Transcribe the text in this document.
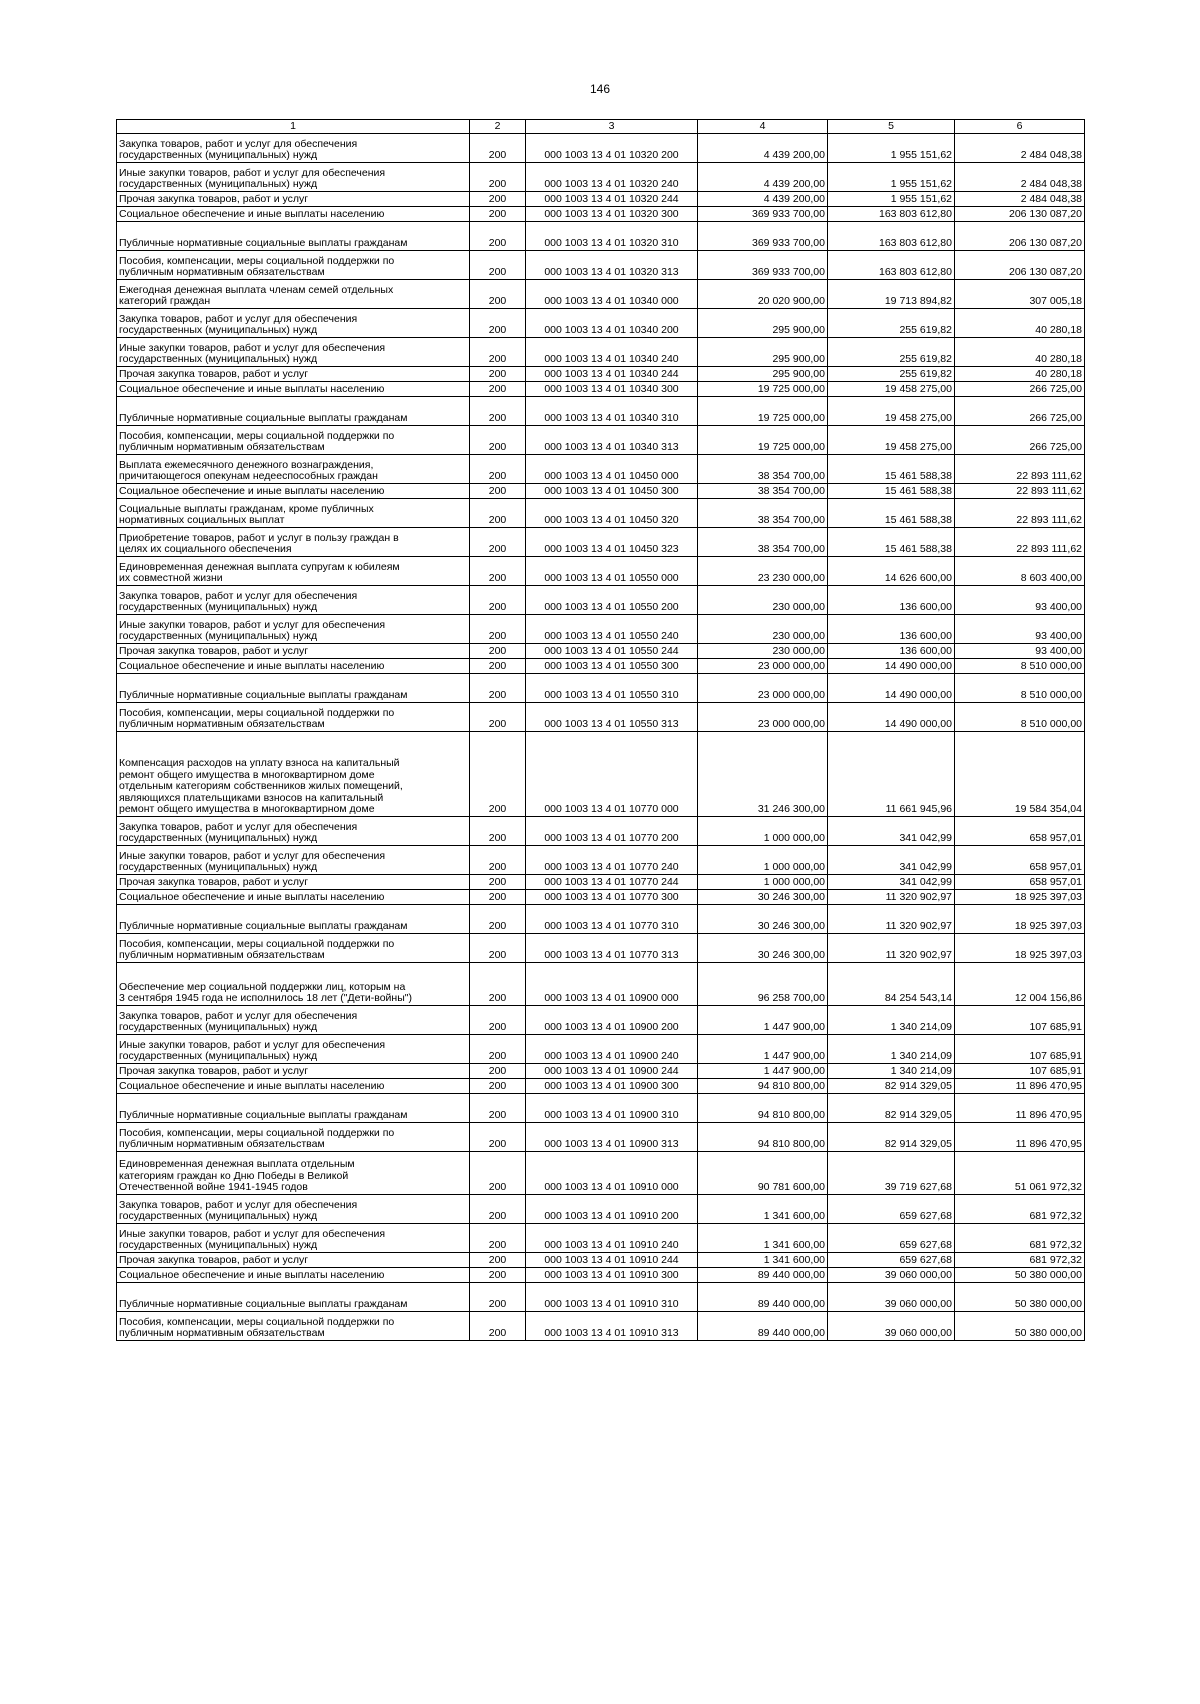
146
1	2	3	4	5	6
Закупка товаров, работ и услуг для обеспечения
государственных (муниципальных) нужд	200	000 1003 13 4 01 10320 200	4 439 200,00	1 955 151,62	2 484 048,38
Иные закупки товаров, работ и услуг для обеспечения
государственных (муниципальных) нужд	200	000 1003 13 4 01 10320 240	4 439 200,00	1 955 151,62	2 484 048,38
Прочая закупка товаров, работ и услуг	200	000 1003 13 4 01 10320 244	4 439 200,00	1 955 151,62	2 484 048,38
Социальное обеспечение и иные выплаты населению	200	000 1003 13 4 01 10320 300	369 933 700,00	163 803 612,80	206 130 087,20
Публичные нормативные социальные выплаты гражданам	200	000 1003 13 4 01 10320 310	369 933 700,00	163 803 612,80	206 130 087,20
Пособия, компенсации, меры социальной поддержки по
публичным нормативным обязательствам	200	000 1003 13 4 01 10320 313	369 933 700,00	163 803 612,80	206 130 087,20
Ежегодная денежная выплата членам семей отдельных
категорий граждан	200	000 1003 13 4 01 10340 000	20 020 900,00	19 713 894,82	307 005,18
Закупка товаров, работ и услуг для обеспечения
государственных (муниципальных) нужд	200	000 1003 13 4 01 10340 200	295 900,00	255 619,82	40 280,18
Иные закупки товаров, работ и услуг для обеспечения
государственных (муниципальных) нужд	200	000 1003 13 4 01 10340 240	295 900,00	255 619,82	40 280,18
Прочая закупка товаров, работ и услуг	200	000 1003 13 4 01 10340 244	295 900,00	255 619,82	40 280,18
Социальное обеспечение и иные выплаты населению	200	000 1003 13 4 01 10340 300	19 725 000,00	19 458 275,00	266 725,00
Публичные нормативные социальные выплаты гражданам	200	000 1003 13 4 01 10340 310	19 725 000,00	19 458 275,00	266 725,00
Пособия, компенсации, меры социальной поддержки по
публичным нормативным обязательствам	200	000 1003 13 4 01 10340 313	19 725 000,00	19 458 275,00	266 725,00
Выплата ежемесячного денежного вознаграждения,
причитающегося опекунам недееспособных граждан	200	000 1003 13 4 01 10450 000	38 354 700,00	15 461 588,38	22 893 111,62
Социальное обеспечение и иные выплаты населению	200	000 1003 13 4 01 10450 300	38 354 700,00	15 461 588,38	22 893 111,62
Социальные выплаты гражданам, кроме публичных
нормативных социальных выплат	200	000 1003 13 4 01 10450 320	38 354 700,00	15 461 588,38	22 893 111,62
Приобретение товаров, работ и услуг в пользу граждан в
целях их социального обеспечения	200	000 1003 13 4 01 10450 323	38 354 700,00	15 461 588,38	22 893 111,62
Единовременная денежная выплата супругам к юбилеям
их совместной жизни	200	000 1003 13 4 01 10550 000	23 230 000,00	14 626 600,00	8 603 400,00
Закупка товаров, работ и услуг для обеспечения
государственных (муниципальных) нужд	200	000 1003 13 4 01 10550 200	230 000,00	136 600,00	93 400,00
Иные закупки товаров, работ и услуг для обеспечения
государственных (муниципальных) нужд	200	000 1003 13 4 01 10550 240	230 000,00	136 600,00	93 400,00
Прочая закупка товаров, работ и услуг	200	000 1003 13 4 01 10550 244	230 000,00	136 600,00	93 400,00
Социальное обеспечение и иные выплаты населению	200	000 1003 13 4 01 10550 300	23 000 000,00	14 490 000,00	8 510 000,00
Публичные нормативные социальные выплаты гражданам	200	000 1003 13 4 01 10550 310	23 000 000,00	14 490 000,00	8 510 000,00
Пособия, компенсации, меры социальной поддержки по
публичным нормативным обязательствам	200	000 1003 13 4 01 10550 313	23 000 000,00	14 490 000,00	8 510 000,00
Компенсация расходов на уплату взноса на капитальный
ремонт общего имущества в многоквартирном доме
отдельным категориям собственников жилых помещений,
являющихся плательщиками взносов на капитальный
ремонт общего имущества в многоквартирном доме	200	000 1003 13 4 01 10770 000	31 246 300,00	11 661 945,96	19 584 354,04
Закупка товаров, работ и услуг для обеспечения
государственных (муниципальных) нужд	200	000 1003 13 4 01 10770 200	1 000 000,00	341 042,99	658 957,01
Иные закупки товаров, работ и услуг для обеспечения
государственных (муниципальных) нужд	200	000 1003 13 4 01 10770 240	1 000 000,00	341 042,99	658 957,01
Прочая закупка товаров, работ и услуг	200	000 1003 13 4 01 10770 244	1 000 000,00	341 042,99	658 957,01
Социальное обеспечение и иные выплаты населению	200	000 1003 13 4 01 10770 300	30 246 300,00	11 320 902,97	18 925 397,03
Публичные нормативные социальные выплаты гражданам	200	000 1003 13 4 01 10770 310	30 246 300,00	11 320 902,97	18 925 397,03
Пособия, компенсации, меры социальной поддержки по
публичным нормативным обязательствам	200	000 1003 13 4 01 10770 313	30 246 300,00	11 320 902,97	18 925 397,03
Обеспечение мер социальной поддержки лиц, которым на
3 сентября 1945 года не исполнилось 18 лет ("Дети-войны")	200	000 1003 13 4 01 10900 000	96 258 700,00	84 254 543,14	12 004 156,86
Закупка товаров, работ и услуг для обеспечения
государственных (муниципальных) нужд	200	000 1003 13 4 01 10900 200	1 447 900,00	1 340 214,09	107 685,91
Иные закупки товаров, работ и услуг для обеспечения
государственных (муниципальных) нужд	200	000 1003 13 4 01 10900 240	1 447 900,00	1 340 214,09	107 685,91
Прочая закупка товаров, работ и услуг	200	000 1003 13 4 01 10900 244	1 447 900,00	1 340 214,09	107 685,91
Социальное обеспечение и иные выплаты населению	200	000 1003 13 4 01 10900 300	94 810 800,00	82 914 329,05	11 896 470,95
Публичные нормативные социальные выплаты гражданам	200	000 1003 13 4 01 10900 310	94 810 800,00	82 914 329,05	11 896 470,95
Пособия, компенсации, меры социальной поддержки по
публичным нормативным обязательствам	200	000 1003 13 4 01 10900 313	94 810 800,00	82 914 329,05	11 896 470,95
Единовременная денежная выплата отдельным
категориям граждан ко Дню Победы в Великой
Отечественной войне 1941-1945 годов	200	000 1003 13 4 01 10910 000	90 781 600,00	39 719 627,68	51 061 972,32
Закупка товаров, работ и услуг для обеспечения
государственных (муниципальных) нужд	200	000 1003 13 4 01 10910 200	1 341 600,00	659 627,68	681 972,32
Иные закупки товаров, работ и услуг для обеспечения
государственных (муниципальных) нужд	200	000 1003 13 4 01 10910 240	1 341 600,00	659 627,68	681 972,32
Прочая закупка товаров, работ и услуг	200	000 1003 13 4 01 10910 244	1 341 600,00	659 627,68	681 972,32
Социальное обеспечение и иные выплаты населению	200	000 1003 13 4 01 10910 300	89 440 000,00	39 060 000,00	50 380 000,00
Публичные нормативные социальные выплаты гражданам	200	000 1003 13 4 01 10910 310	89 440 000,00	39 060 000,00	50 380 000,00
Пособия, компенсации, меры социальной поддержки по
публичным нормативным обязательствам	200	000 1003 13 4 01 10910 313	89 440 000,00	39 060 000,00	50 380 000,00
